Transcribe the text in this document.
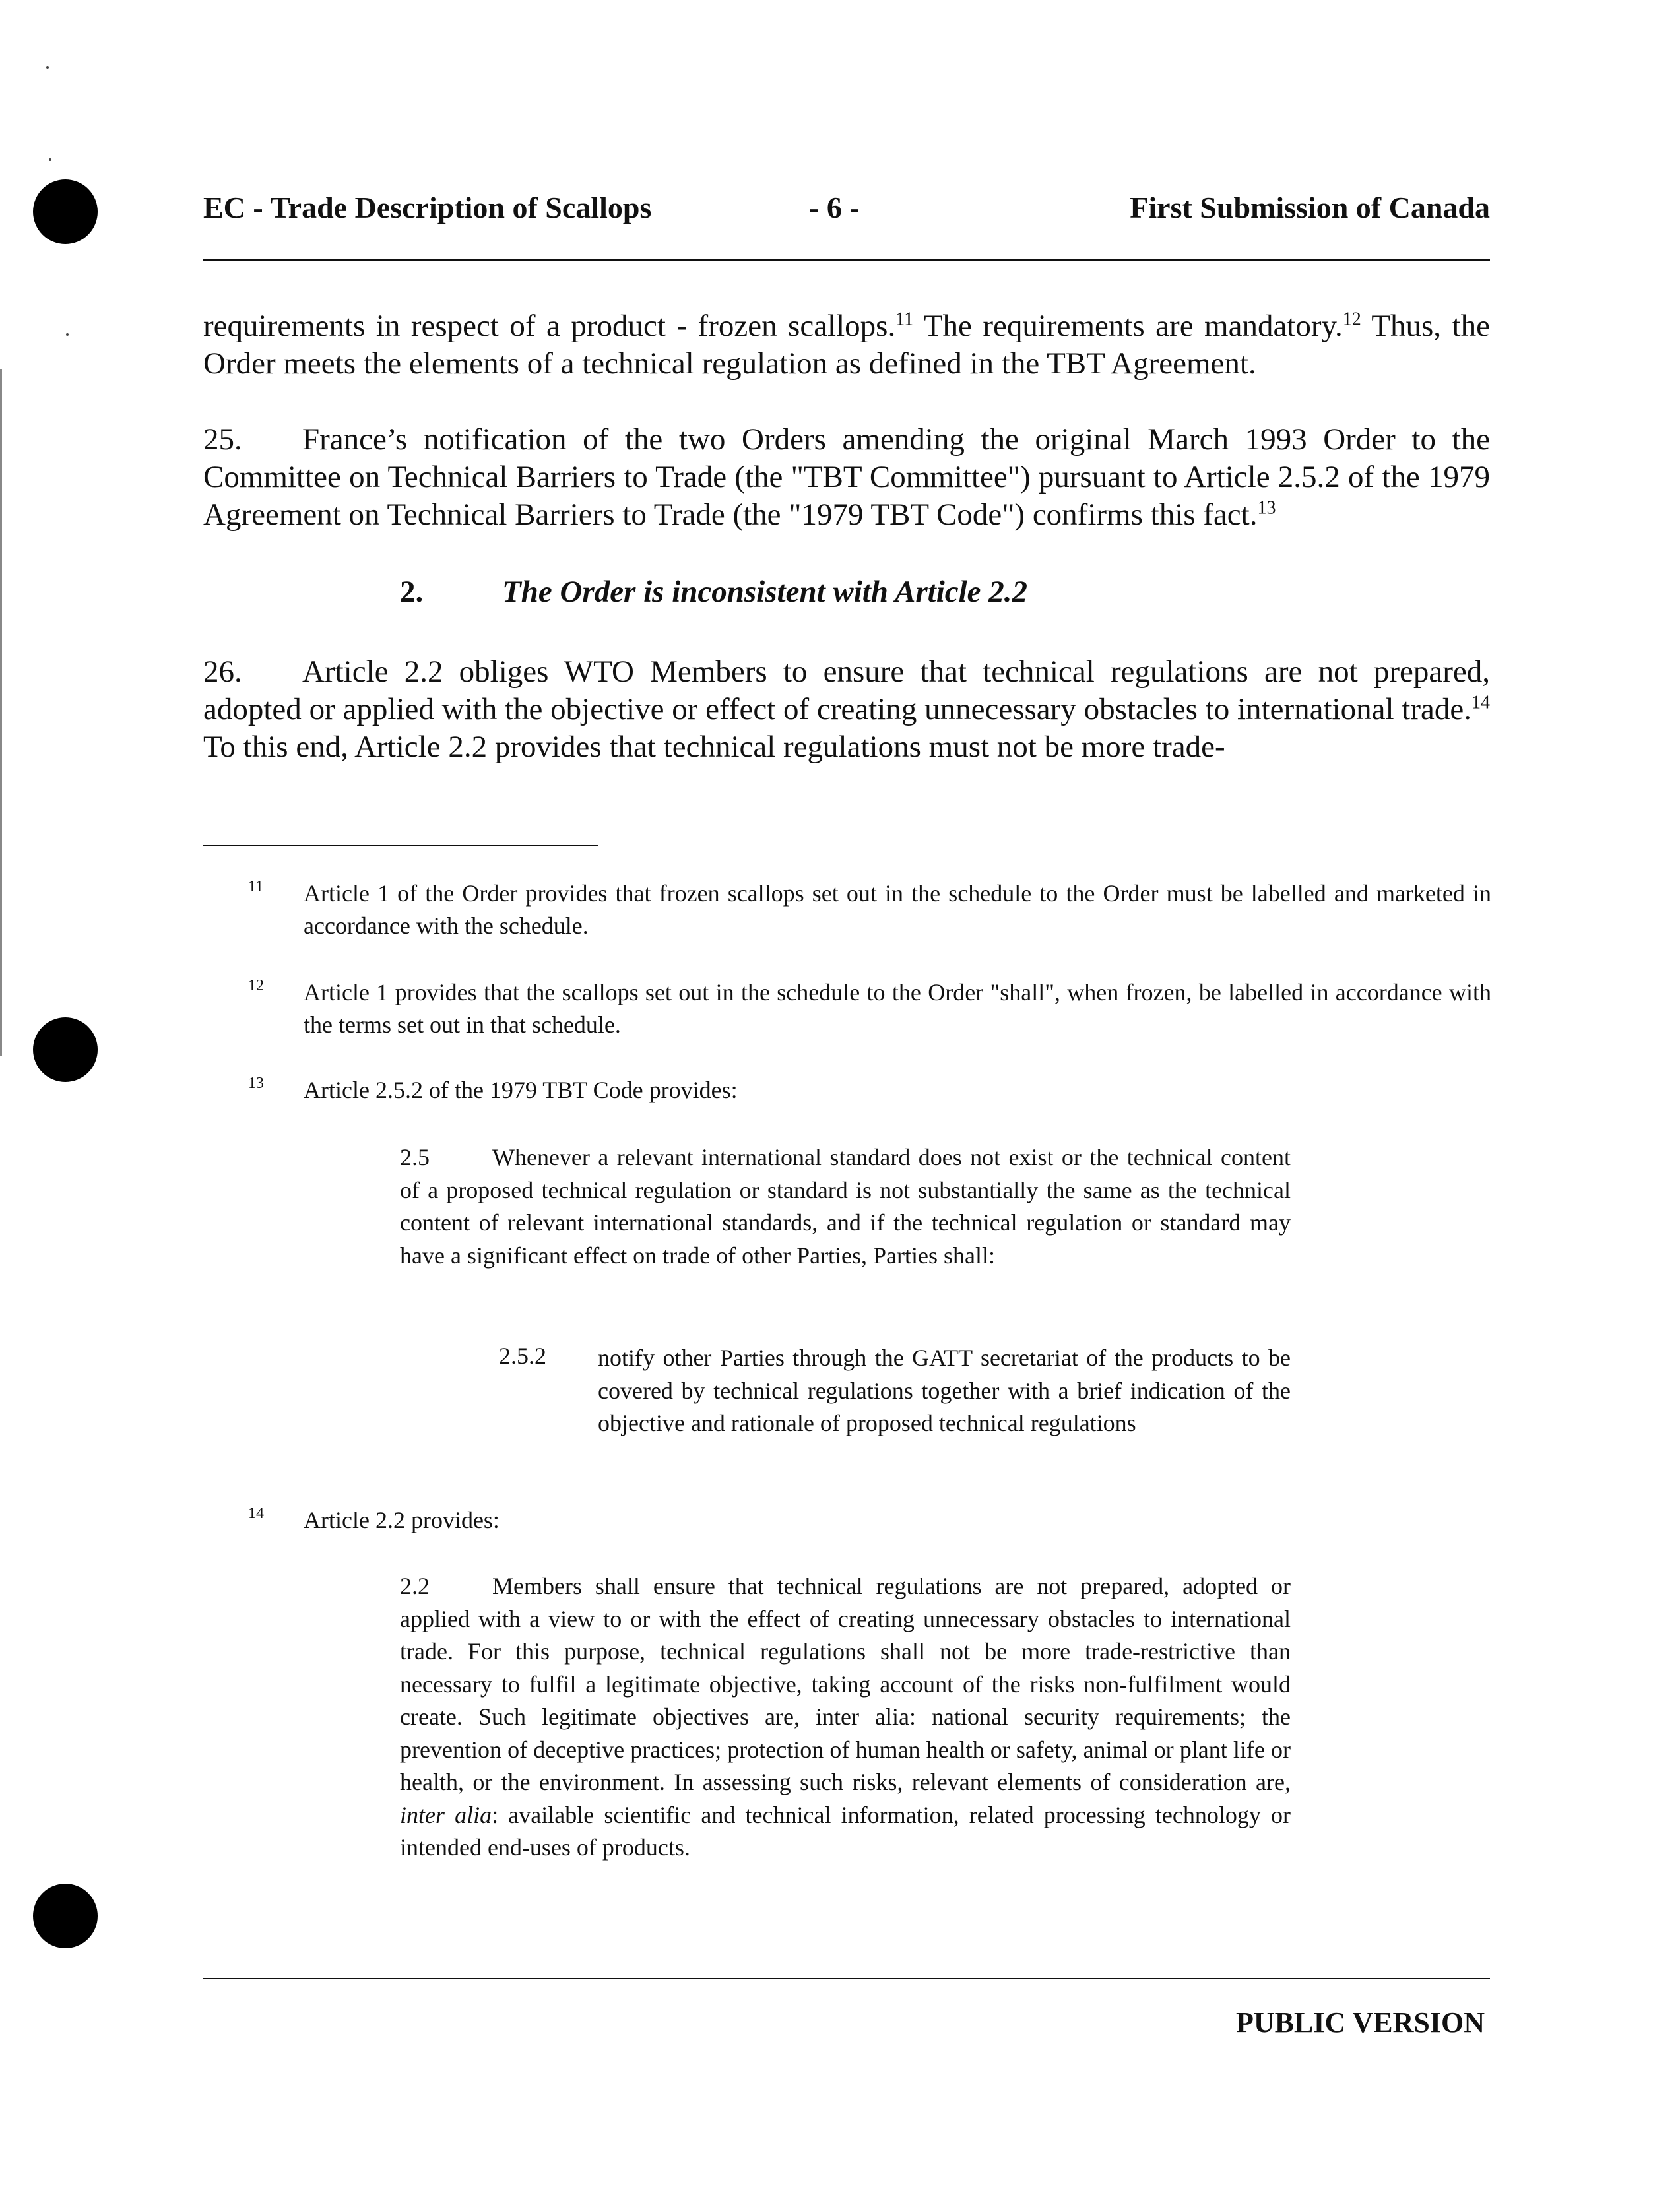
EC - Trade Description of Scallops	- 6 -	First Submission of Canada
requirements in respect of a product - frozen scallops.$^{11}$ The requirements are mandatory.$^{12}$ Thus, the Order meets the elements of a technical regulation as defined in the TBT Agreement.
25. France’s notification of the two Orders amending the original March 1993 Order to the Committee on Technical Barriers to Trade (the "TBT Committee") pursuant to Article 2.5.2 of the 1979 Agreement on Technical Barriers to Trade (the "1979 TBT Code") confirms this fact.$^{13}$
2.	The Order is inconsistent with Article 2.2
26. Article 2.2 obliges WTO Members to ensure that technical regulations are not prepared, adopted or applied with the objective or effect of creating unnecessary obstacles to international trade.$^{14}$ To this end, Article 2.2 provides that technical regulations must not be more trade-
11 Article 1 of the Order provides that frozen scallops set out in the schedule to the Order must be labelled and marketed in accordance with the schedule.
12 Article 1 provides that the scallops set out in the schedule to the Order "shall", when frozen, be labelled in accordance with the terms set out in that schedule.
13 Article 2.5.2 of the 1979 TBT Code provides:
2.5	Whenever a relevant international standard does not exist or the technical content of a proposed technical regulation or standard is not substantially the same as the technical content of relevant international standards, and if the technical regulation or standard may have a significant effect on trade of other Parties, Parties shall:
2.5.2 notify other Parties through the GATT secretariat of the products to be covered by technical regulations together with a brief indication of the objective and rationale of proposed technical regulations
14 Article 2.2 provides:
2.2	Members shall ensure that technical regulations are not prepared, adopted or applied with a view to or with the effect of creating unnecessary obstacles to international trade. For this purpose, technical regulations shall not be more trade-restrictive than necessary to fulfil a legitimate objective, taking account of the risks non-fulfilment would create. Such legitimate objectives are, inter alia: national security requirements; the prevention of deceptive practices; protection of human health or safety, animal or plant life or health, or the environment. In assessing such risks, relevant elements of consideration are, inter alia: available scientific and technical information, related processing technology or intended end-uses of products.
PUBLIC VERSION
